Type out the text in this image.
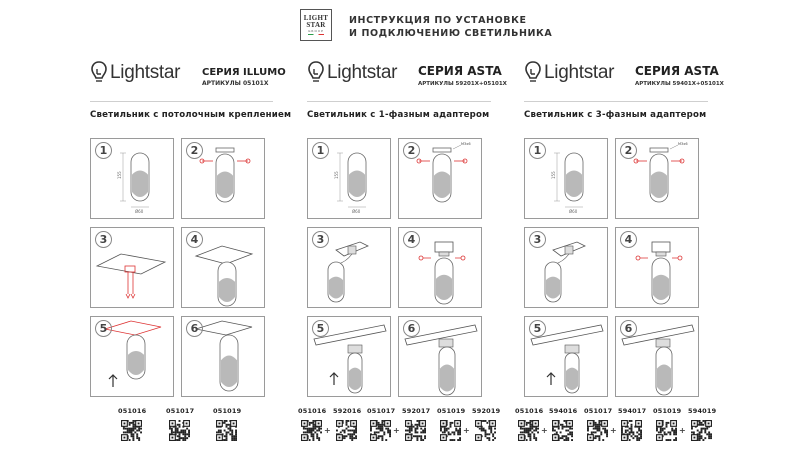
LIGHT
STAR
GROUP
ИНСТРУКЦИЯ ПО УСТАНОВКЕ
И ПОДКЛЮЧЕНИЮ СВЕТИЛЬНИКА
Lightstar СЕРИЯ ILLUMO
АРТИКУЛЫ 05101X
Светильник с потолочным креплением
Lightstar СЕРИЯ ASTA
АРТИКУЛЫ 59201X+05101X
Светильник с 1-фазным адаптером
Lightstar СЕРИЯ ASTA
АРТИКУЛЫ 59401X+05101X
Светильник с 3-фазным адаптером
155
Ø60
1	2
3	4
5	6
155
Ø60
1	M3x6
2
3	4
5	6
155
Ø60
1	M3x6
2
3	4
5	6
051016	051017	051019	051016
+
592016 051017
+
592017 051019
+
592019 051016
+
594016 051017
+
594017 051019
+
594019
